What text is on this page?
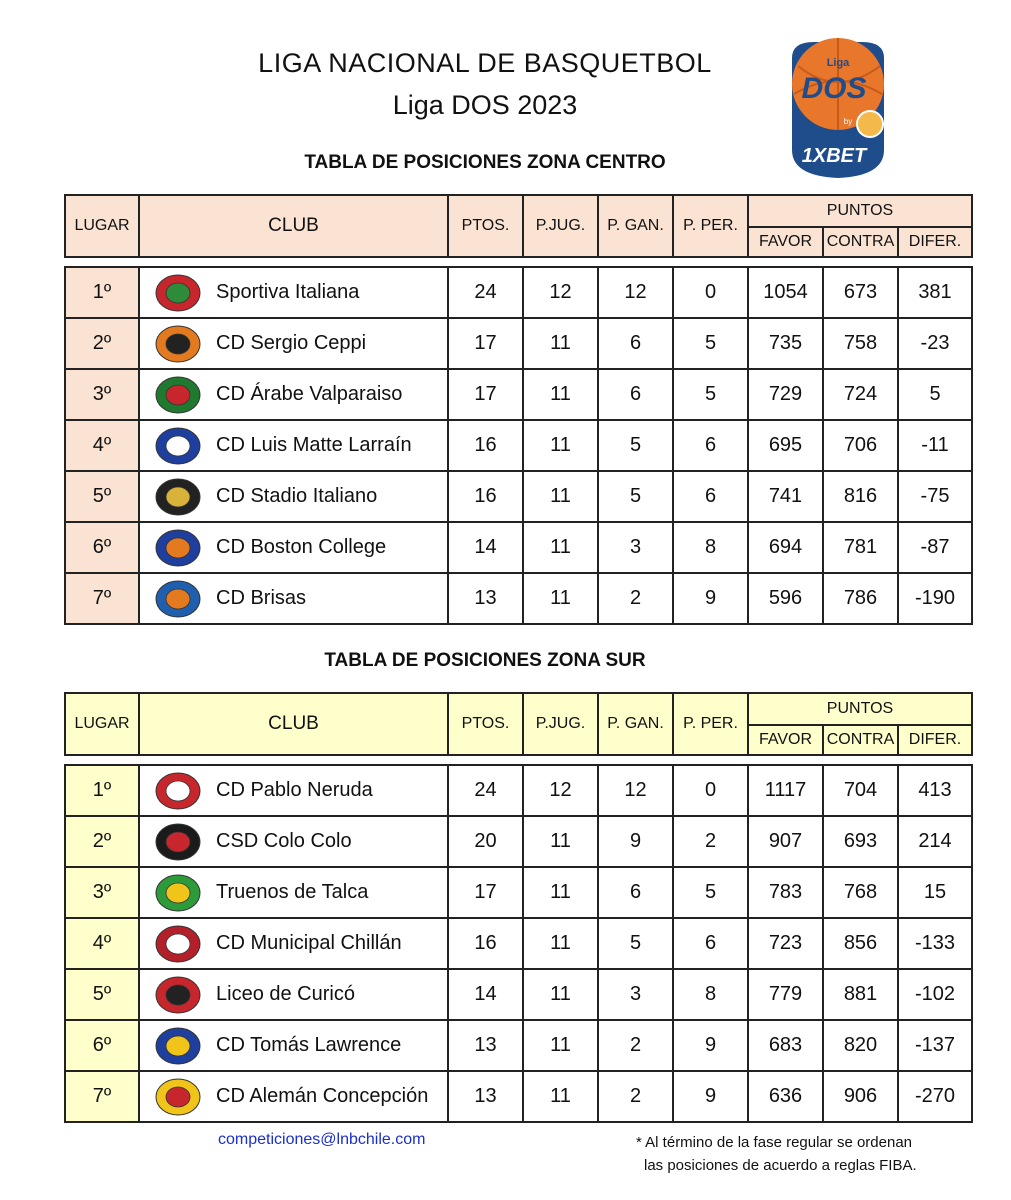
LIGA NACIONAL DE BASQUETBOL
Liga DOS 2023
Liga
DOS
by
1XBET
TABLA DE POSICIONES ZONA CENTRO
LUGAR	CLUB	PTOS.	P.JUG.	P. GAN.	P. PER.	PUNTOS		
						FAVOR	CONTRA	DIFER.
1º	Sportiva Italiana	24	12	12	0	1054	673	381
2º	CD Sergio Ceppi	17	11	6	5	735	758	-23
3º	CD Árabe Valparaiso	17	11	6	5	729	724	5
4º	CD Luis Matte Larraín	16	11	5	6	695	706	-11
5º	CD Stadio Italiano	16	11	5	6	741	816	-75
6º	CD Boston College	14	11	3	8	694	781	-87
7º	CD Brisas	13	11	2	9	596	786	-190
TABLA DE POSICIONES ZONA SUR
LUGAR	CLUB	PTOS.	P.JUG.	P. GAN.	P. PER.	PUNTOS		
						FAVOR	CONTRA	DIFER.
1º	CD Pablo Neruda	24	12	12	0	1117	704	413
2º	CSD Colo Colo	20	11	9	2	907	693	214
3º	Truenos de Talca	17	11	6	5	783	768	15
4º	CD Municipal Chillán	16	11	5	6	723	856	-133
5º	Liceo de Curicó	14	11	3	8	779	881	-102
6º	CD Tomás Lawrence	13	11	2	9	683	820	-137
7º	CD Alemán Concepción	13	11	2	9	636	906	-270
competiciones@lnbchile.com	* Al término de la fase regular se ordenan
las posiciones de acuerdo a reglas FIBA.
